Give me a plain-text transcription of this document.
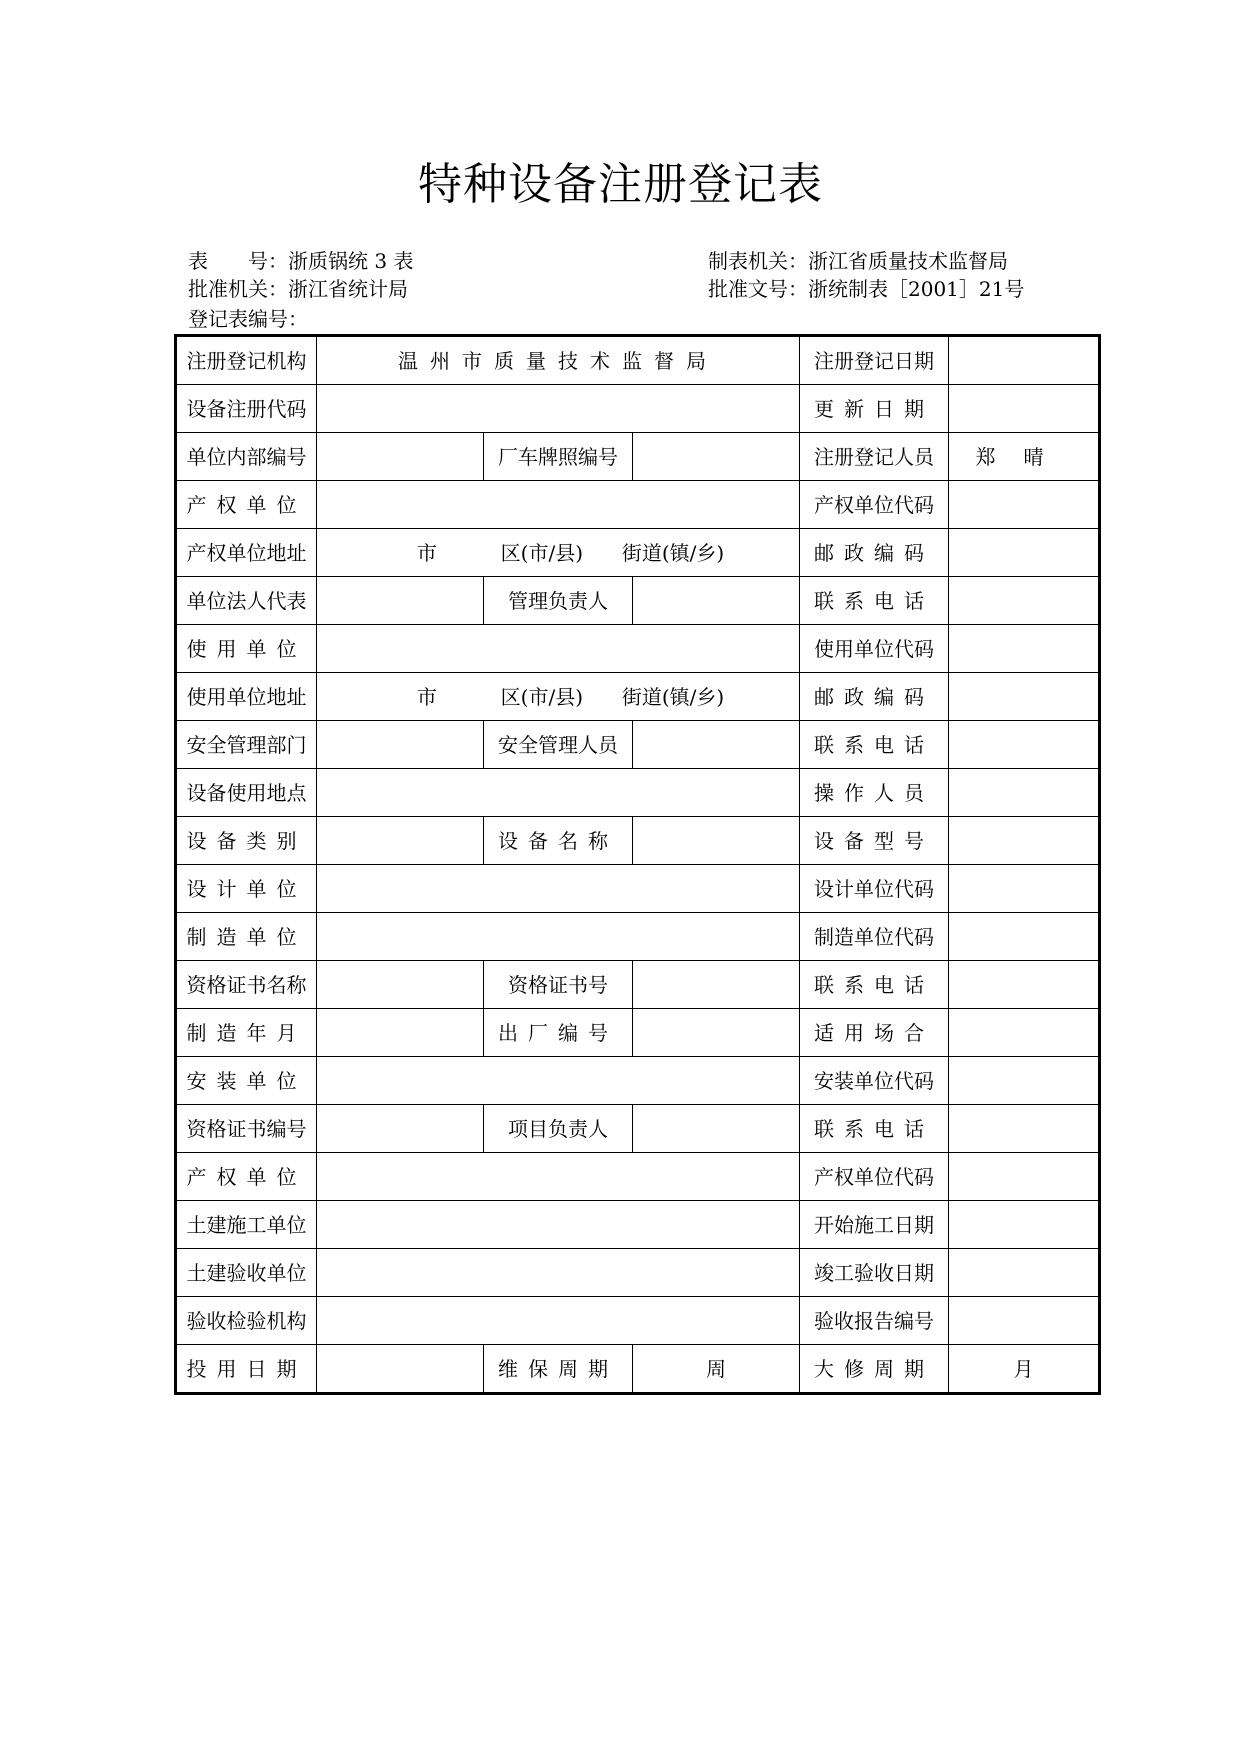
特种设备注册登记表
表　　号：浙质锅统 3 表	制表机关：浙江省质量技术监督局
批准机关：浙江省统计局	批准文号：浙统制表［2001］21号
登记表编号：
注册登记机构	温州市质量技术监督局			注册登记日期	
设备注册代码				更新日期	
单位内部编号		厂车牌照编号		注册登记人员	郑晴
产权单位				产权单位代码	
产权单位地址	市 区(市/县) 街道(镇/乡)			邮政编码	
单位法人代表		管理负责人		联系电话	
使用单位				使用单位代码	
使用单位地址	市 区(市/县) 街道(镇/乡)			邮政编码	
安全管理部门		安全管理人员		联系电话	
设备使用地点				操作人员	
设备类别		设备名称		设备型号	
设计单位				设计单位代码	
制造单位				制造单位代码	
资格证书名称		资格证书号		联系电话	
制造年月		出厂编号		适用场合	
安装单位				安装单位代码	
资格证书编号		项目负责人		联系电话	
产权单位				产权单位代码	
土建施工单位				开始施工日期	
土建验收单位				竣工验收日期	
验收检验机构				验收报告编号	
投用日期		维保周期	周	大修周期	月
